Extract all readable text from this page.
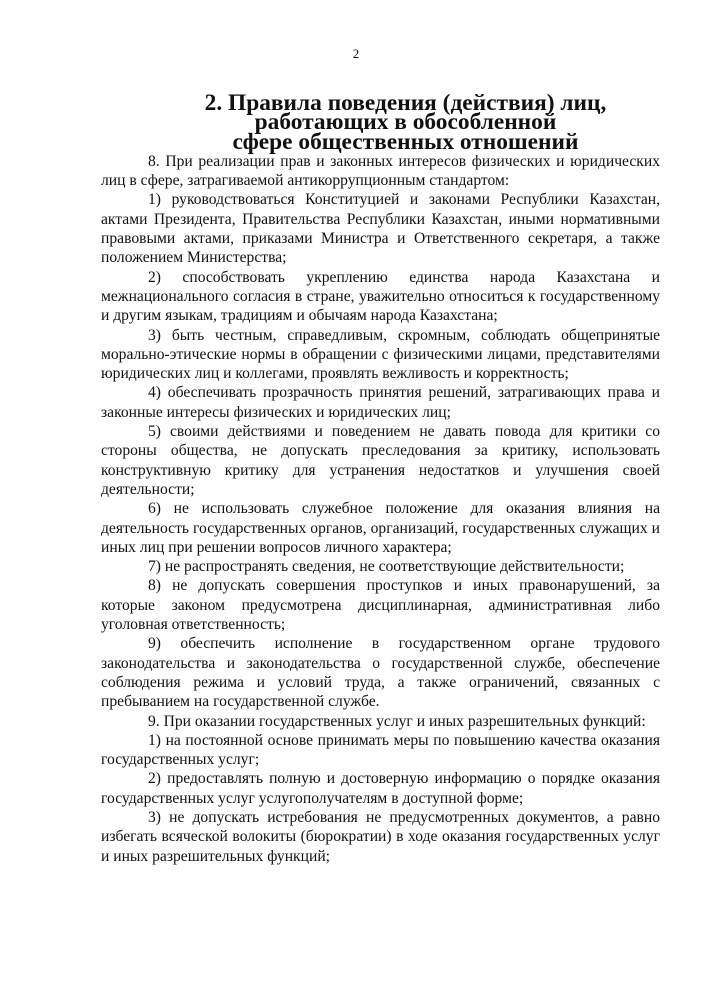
2
2. Правила поведения (действия) лиц, работающих в обособленной
сфере общественных отношений

8. При реализации прав и законных интересов физических и юридических лиц в сфере, затрагиваемой антикоррупционным стандартом:

1) руководствоваться Конституцией и законами Республики Казахстан, актами Президента, Правительства Республики Казахстан, иными нормативными правовыми актами, приказами Министра и Ответственного секретаря, а также положением Министерства;

2) способствовать укреплению единства народа Казахстана и межнационального согласия в стране, уважительно относиться к государственному и другим языкам, традициям и обычаям народа Казахстана;

3) быть честным, справедливым, скромным, соблюдать общепринятые морально-этические нормы в обращении с физическими лицами, представителями юридических лиц и коллегами, проявлять вежливость и корректность;

4) обеспечивать прозрачность принятия решений, затрагивающих права и законные интересы физических и юридических лиц;

5) своими действиями и поведением не давать повода для критики со стороны общества, не допускать преследования за критику, использовать конструктивную критику для устранения недостатков и улучшения своей деятельности;

6) не использовать служебное положение для оказания влияния на деятельность государственных органов, организаций, государственных служащих и иных лиц при решении вопросов личного характера;

7) не распространять сведения, не соответствующие действительности;

8) не допускать совершения проступков и иных правонарушений, за которые законом предусмотрена дисциплинарная, административная либо уголовная ответственность;

9) обеспечить исполнение в государственном органе трудового законодательства и законодательства о государственной службе, обеспечение соблюдения режима и условий труда, а также ограничений, связанных с пребыванием на государственной службе.

9. При оказании государственных услуг и иных разрешительных функций:

1) на постоянной основе принимать меры по повышению качества оказания государственных услуг;

2) предоставлять полную и достоверную информацию о порядке оказания государственных услуг услугополучателям в доступной форме;

3) не допускать истребования не предусмотренных документов, а равно избегать всяческой волокиты (бюрократии) в ходе оказания государственных услуг и иных разрешительных функций;
